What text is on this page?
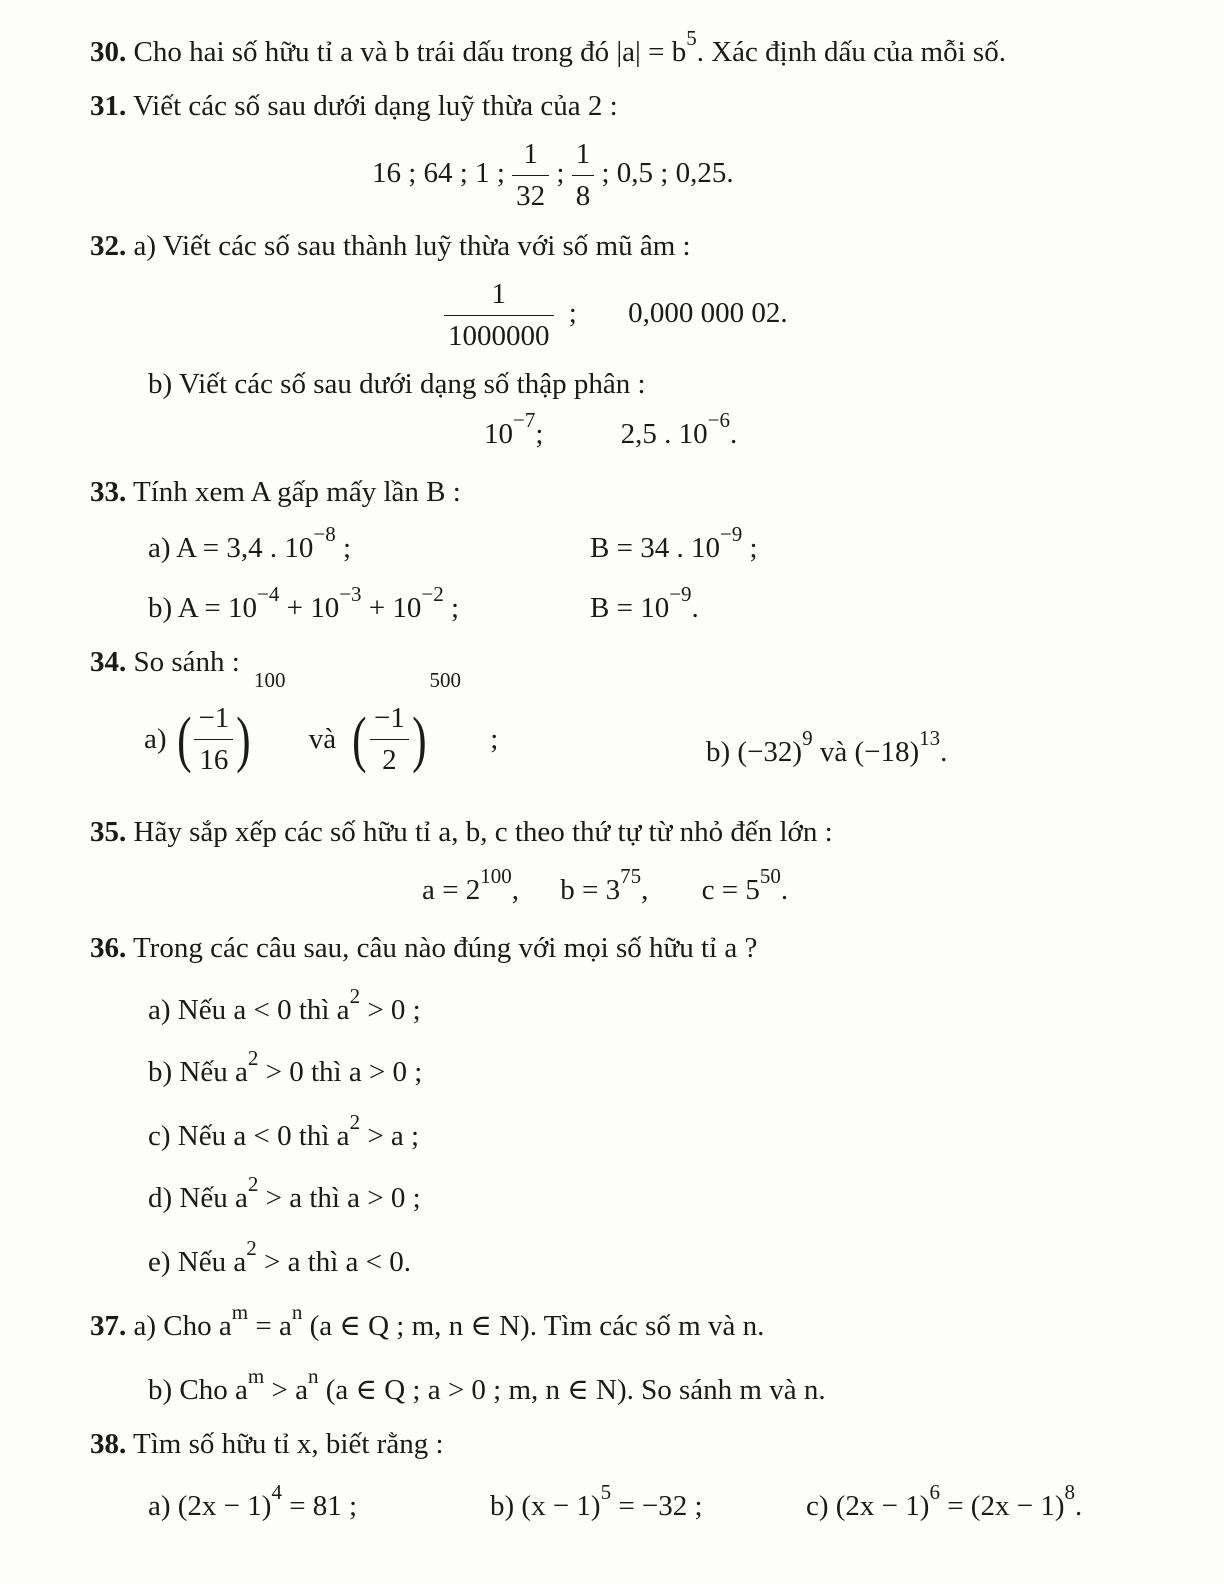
30. Cho hai số hữu tỉ a và b trái dấu trong đó $|a| = b^5$. Xác định dấu của mỗi số.
31. Viết các số sau dưới dạng luỹ thừa của 2 :
16 ; 64 ; 1 ; $\frac{1}{32}$ ; $\frac{1}{8}$ ; 0,5 ; 0,25.
32. a) Viết các số sau thành luỹ thừa với số mũ âm :
$\frac{1}{1000000}$ ; 0,000 000 02.
b) Viết các số sau dưới dạng số thập phân :
$10^{-7}$;	2,5 . $10^{-6}$.
33. Tính xem A gấp mấy lần B :
a) A = 3,4 . $10^{-8}$ ;	B = 34 . $10^{-9}$ ;
b) $A = 10^{-4} + 10^{-3} + 10^{-2}$ ;	$B = 10^{-9}$.
34. So sánh :
a) ( $\frac{-1}{16} )^{100}$ và ( $\frac{-1}{2} )^{500}$ ;	b) $(-32)^9$ và $(-18)^{13}$.
35. Hãy sắp xếp các số hữu tỉ a, b, c theo thứ tự từ nhỏ đến lớn :
$a = 2^{100}$, $b = 3^{75}$, $c = 5^{50}$.
36. Trong các câu sau, câu nào đúng với mọi số hữu tỉ a ?
a) Nếu a < 0 thì $a^2 > 0$ ;
b) Nếu $a^2 > 0$ thì a > 0 ;
c) Nếu a < 0 thì $a^2 > a$ ;
d) Nếu $a^2 > a$ thì a > 0 ;
e) Nếu $a^2 > a$ thì a < 0.
37. a) Cho $a^m = a^n$ (a ∈ Q ; m, n ∈ N). Tìm các số m và n.
b) Cho $a^m > a^n$ (a ∈ Q ; a > 0 ; m, n ∈ N). So sánh m và n.
38. Tìm số hữu tỉ x, biết rằng :
a) $(2x - 1)^4 = 81$ ;	b) $(x - 1)^5 = -32$ ;	c) $(2x - 1)^6 = (2x - 1)^8$.
